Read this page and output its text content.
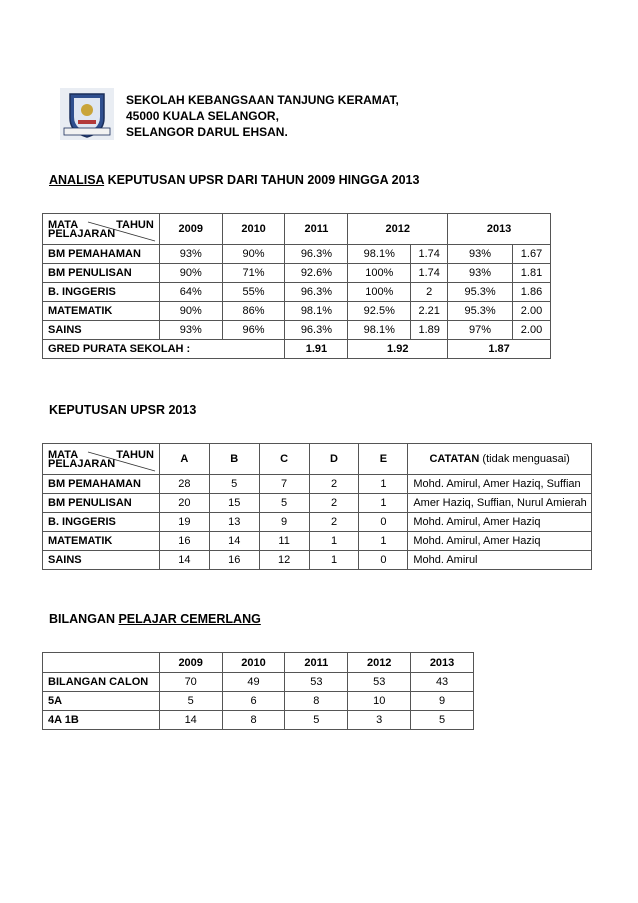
SEKOLAH KEBANGSAAN TANJUNG KERAMAT,
45000 KUALA SELANGOR,
SELANGOR DARUL EHSAN.
ANALISA KEPUTUSAN UPSR DARI TAHUN 2009 HINGGA 2013
MATA TAHUN
PELAJARAN	2009	2010	2011	2012		2013	
BM PEMAHAMAN	93%	90%	96.3%	98.1%	1.74	93%	1.67
BM PENULISAN	90%	71%	92.6%	100%	1.74	93%	1.81
B. INGGERIS	64%	55%	96.3%	100%	2	95.3%	1.86
MATEMATIK	90%	86%	98.1%	92.5%	2.21	95.3%	2.00
SAINS	93%	96%	96.3%	98.1%	1.89	97%	2.00
GRED PURATA SEKOLAH :			1.91	1.92		1.87	
KEPUTUSAN UPSR 2013
MATA TAHUN
PELAJARAN	A	B	C	D	E	CATATAN (tidak menguasai)
BM PEMAHAMAN	28	5	7	2	1	Mohd. Amirul, Amer Haziq, Suffian
BM PENULISAN	20	15	5	2	1	Amer Haziq, Suffian, Nurul Amierah
B. INGGERIS	19	13	9	2	0	Mohd. Amirul, Amer Haziq
MATEMATIK	16	14	11	1	1	Mohd. Amirul, Amer Haziq
SAINS	14	16	12	1	0	Mohd. Amirul
BILANGAN PELAJAR CEMERLANG
	2009	2010	2011	2012	2013
BILANGAN CALON	70	49	53	53	43
5A	5	6	8	10	9
4A 1B	14	8	5	3	5
